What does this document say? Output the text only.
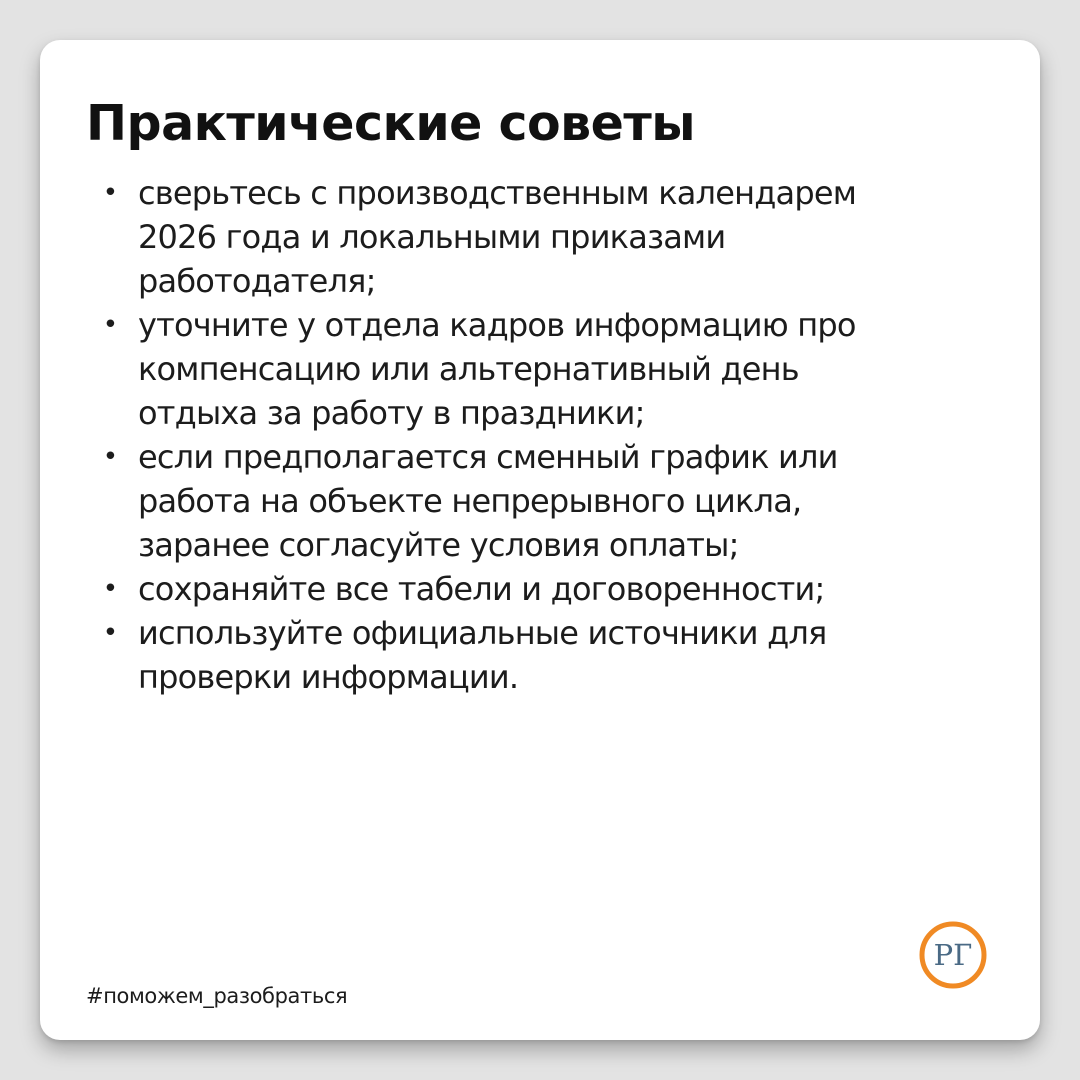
Практические советы
• сверьтесь с производственным календарем
2026 года и локальными приказами
работодателя;
• уточните у отдела кадров информацию про
компенсацию или альтернативный день
отдыха за работу в праздники;
• если предполагается сменный график или
работа на объекте непрерывного цикла,
заранее согласуйте условия оплаты;
• сохраняйте все табели и договоренности;
• используйте официальные источники для
проверки информации.
#поможем_разобраться
РГ
